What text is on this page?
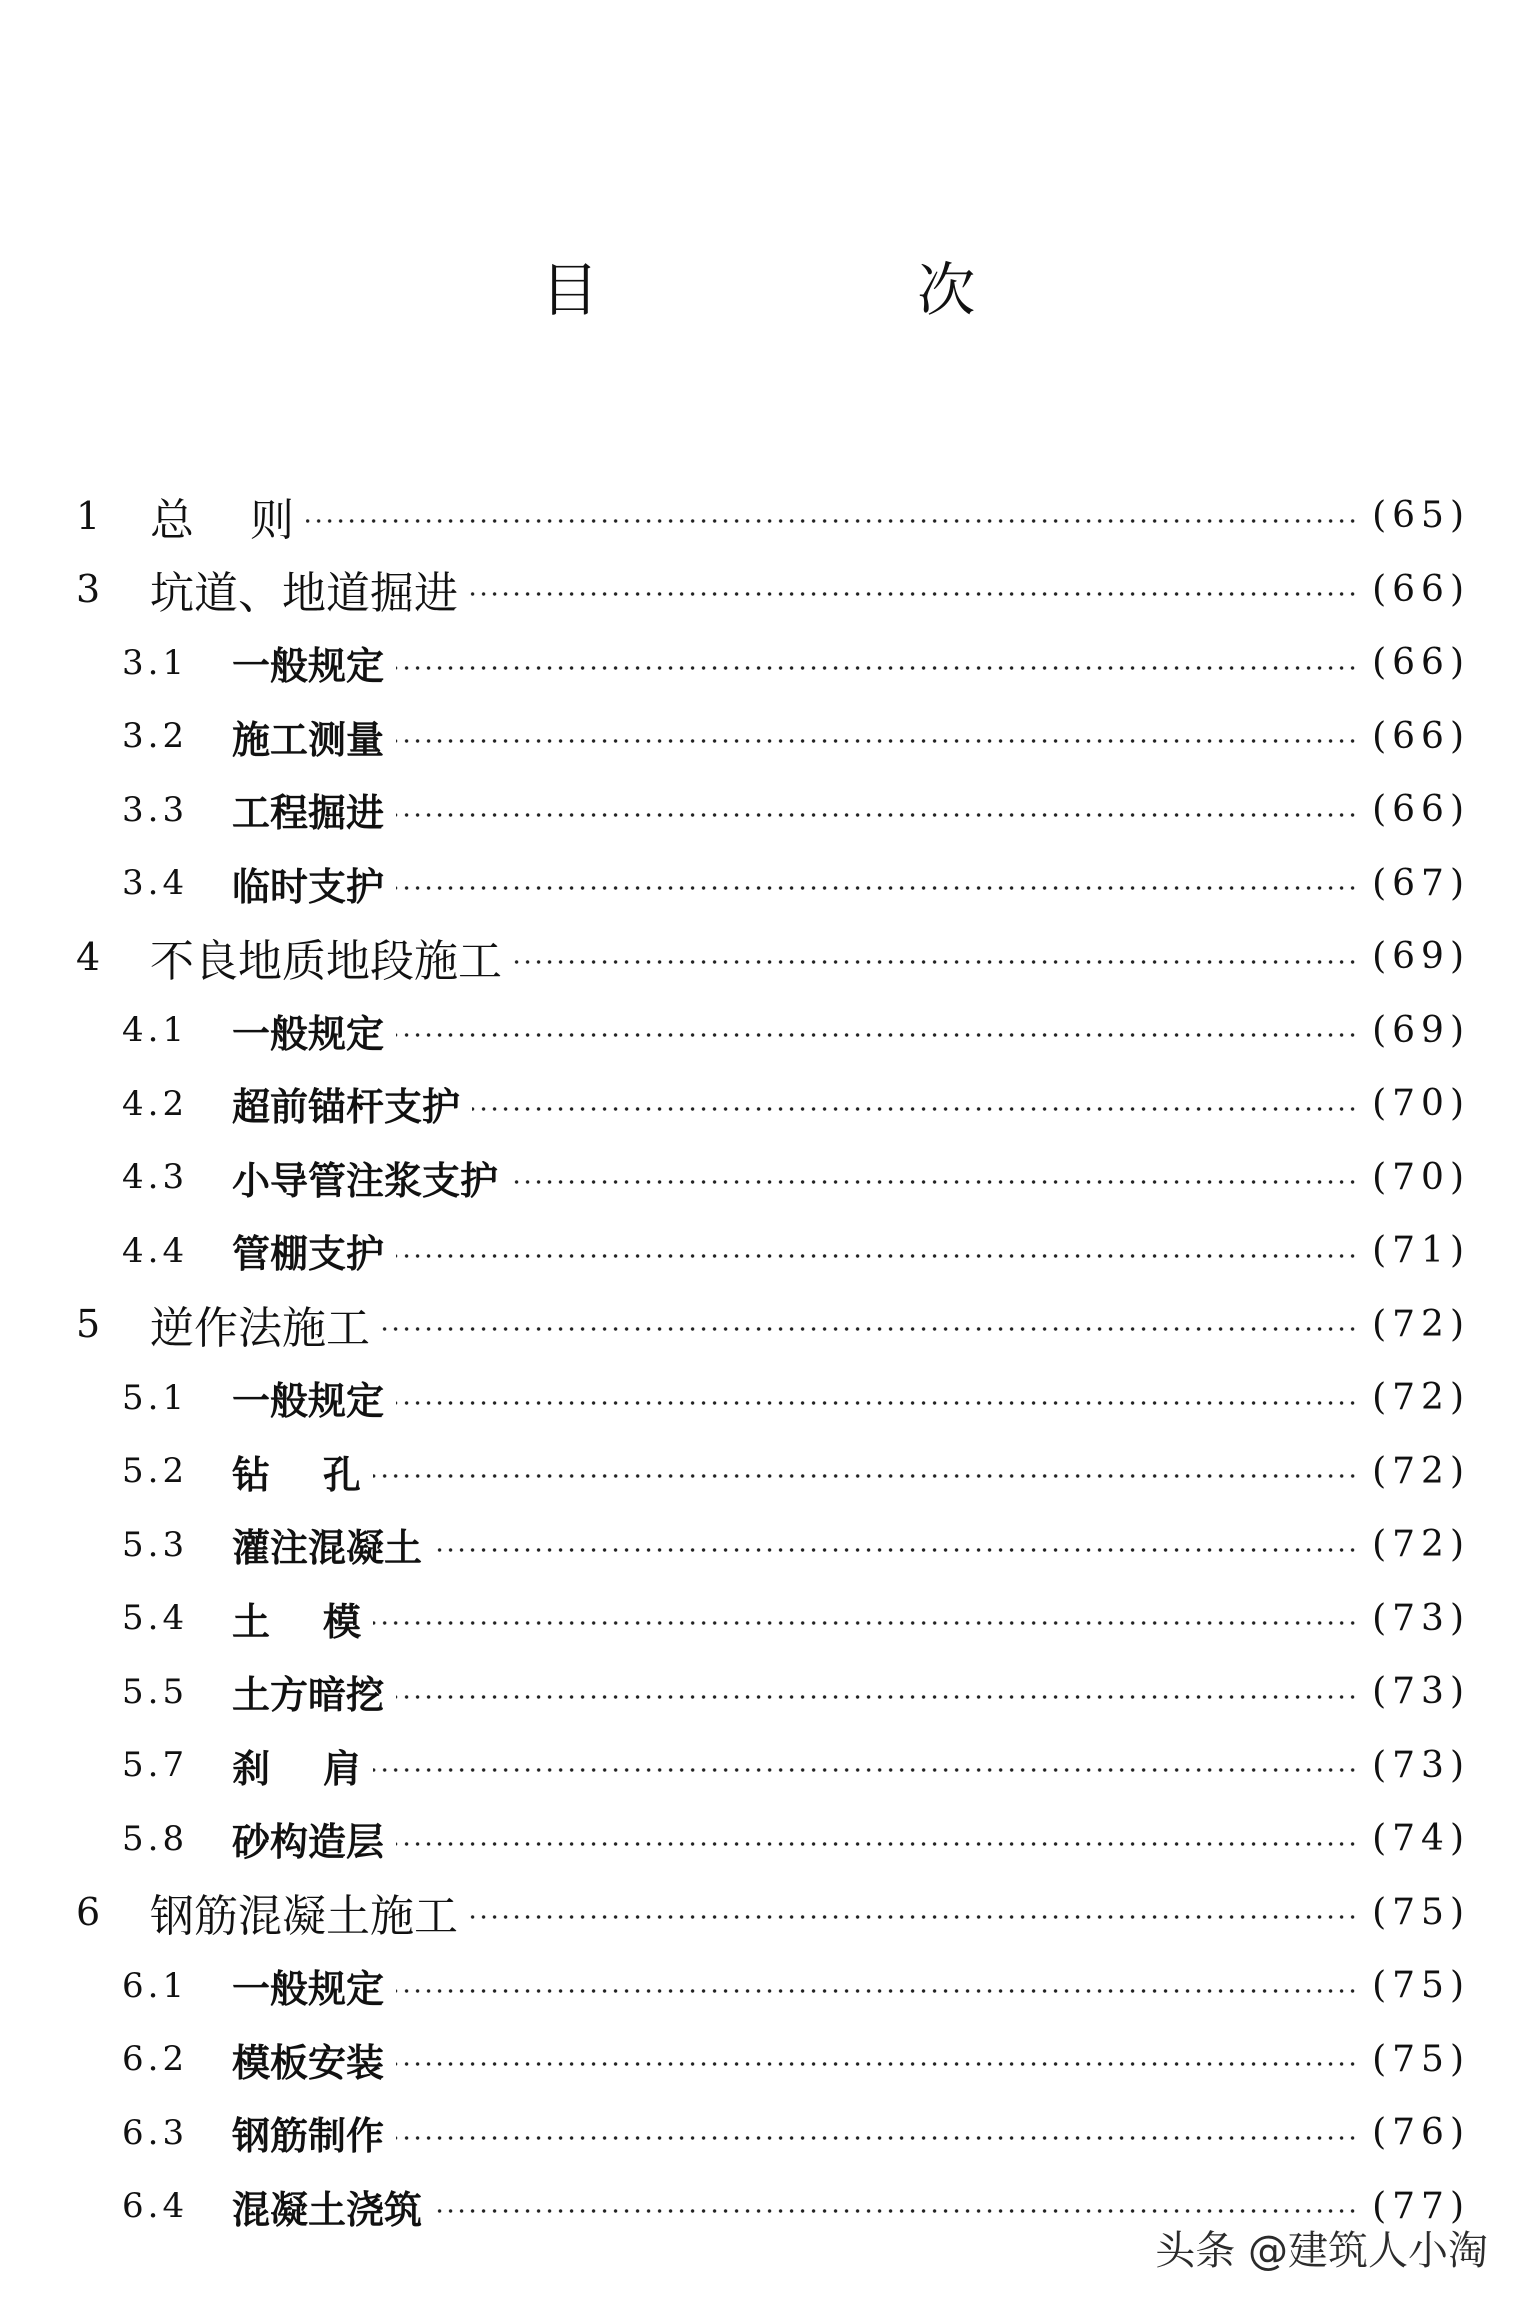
目 次
1 总    则	(65)
3 坑道、地道掘进	(66)
3.1 一般规定	(66)
3.2 施工测量	(66)
3.3 工程掘进	(66)
3.4 临时支护	(67)
4 不良地质地段施工	(69)
4.1 一般规定	(69)
4.2 超前锚杆支护	(70)
4.3 小导管注浆支护	(70)
4.4 管棚支护	(71)
5 逆作法施工	(72)
5.1 一般规定	(72)
5.2 钻    孔	(72)
5.3 灌注混凝土	(72)
5.4 土    模	(73)
5.5 土方暗挖	(73)
5.7 刹    肩	(73)
5.8 砂构造层	(74)
6 钢筋混凝土施工	(75)
6.1 一般规定	(75)
6.2 模板安装	(75)
6.3 钢筋制作	(76)
6.4 混凝土浇筑	(77)
头条 @建筑人小淘
